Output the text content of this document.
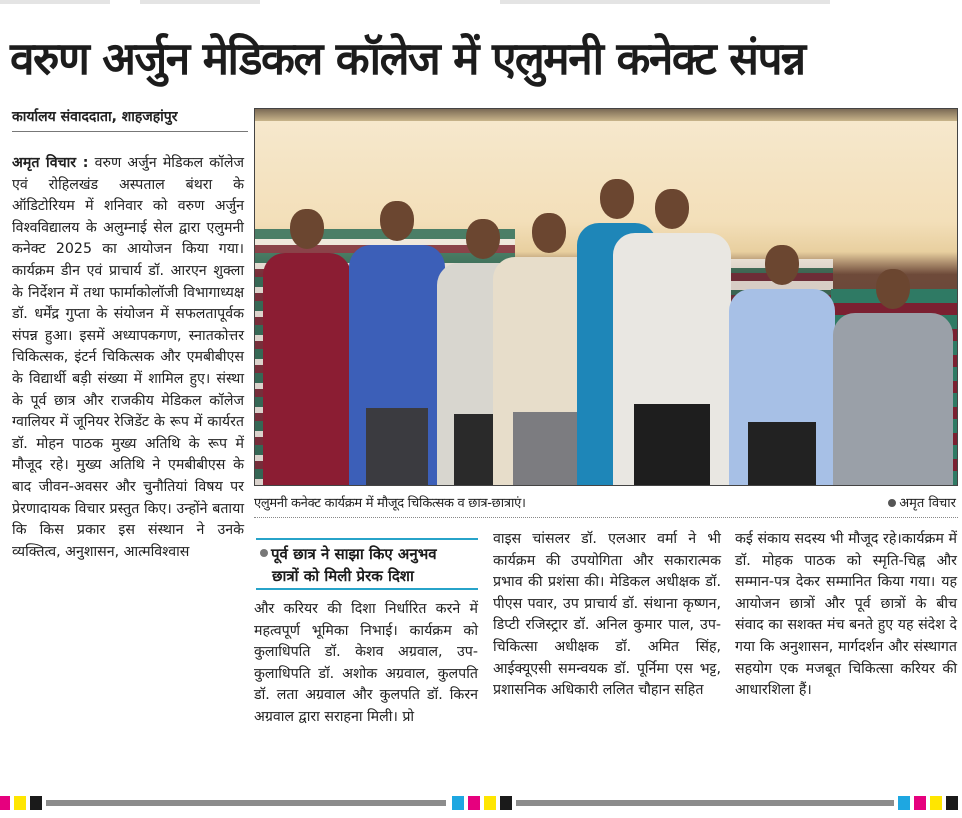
वरुण अर्जुन मेडिकल कॉलेज में एलुमनी कनेक्ट संपन्न
कार्यालय संवाददाता, शाहजहांपुर

अमृत विचार : वरुण अर्जुन मेडिकल कॉलेज एवं रोहिलखंड अस्पताल बंथरा के ऑडिटोरियम में शनिवार को वरुण अर्जुन विश्वविद्यालय के अलुम्नाई सेल द्वारा एलुमनी कनेक्ट 2025 का आयोजन किया गया। कार्यक्रम डीन एवं प्राचार्य डॉ. आरएन शुक्ला के निर्देशन में तथा फार्माकोलॉजी विभागाध्यक्ष डॉ. धर्मेंद्र गुप्ता के संयोजन में सफलतापूर्वक संपन्न हुआ। इसमें अध्यापकगण, स्नातकोत्तर चिकित्सक, इंटर्न चिकित्सक और एमबीबीएस के विद्यार्थी बड़ी संख्या में शामिल हुए। संस्था के पूर्व छात्र और राजकीय मेडिकल कॉलेज ग्वालियर में जूनियर रेजिडेंट के रूप में कार्यरत डॉ. मोहन पाठक मुख्य अतिथि के रूप में मौजूद रहे। मुख्य अतिथि ने एमबीबीएस के बाद जीवन-अवसर और चुनौतियां विषय पर प्रेरणादायक विचार प्रस्तुत किए। उन्होंने बताया कि किस प्रकार इस संस्थान ने उनके व्यक्तित्व, अनुशासन, आत्मविश्वास

एलुमनी कनेक्ट कार्यक्रम में मौजूद चिकित्सक व छात्र-छात्राएं।	अमृत विचार
पूर्व छात्र ने साझा किए अनुभव
छात्रों को मिली प्रेरक दिशा

और करियर की दिशा निर्धारित करने में महत्वपूर्ण भूमिका निभाई। कार्यक्रम को कुलाधिपति डॉ. केशव अग्रवाल, उप-कुलाधिपति डॉ. अशोक अग्रवाल, कुलपति डॉ. लता अग्रवाल और कुलपति डॉ. किरन अग्रवाल द्वारा सराहना मिली। प्रो

वाइस चांसलर डॉ. एलआर वर्मा ने भी कार्यक्रम की उपयोगिता और सकारात्मक प्रभाव की प्रशंसा की। मेडिकल अधीक्षक डॉ. पीएस पवार, उप प्राचार्य डॉ. संथाना कृष्णन, डिप्टी रजिस्ट्रार डॉ. अनिल कुमार पाल, उप-चिकित्सा अधीक्षक डॉ. अमित सिंह, आईक्यूएसी समन्वयक डॉ. पूर्निमा एस भट्ट, प्रशासनिक अधिकारी ललित चौहान सहित

कई संकाय सदस्य भी मौजूद रहे।कार्यक्रम में डॉ. मोहक पाठक को स्मृति-चिह्न और सम्मान-पत्र देकर सम्मानित किया गया। यह आयोजन छात्रों और पूर्व छात्रों के बीच संवाद का सशक्त मंच बनते हुए यह संदेश दे गया कि अनुशासन, मार्गदर्शन और संस्थागत सहयोग एक मजबूत चिकित्सा करियर की आधारशिला हैं।
